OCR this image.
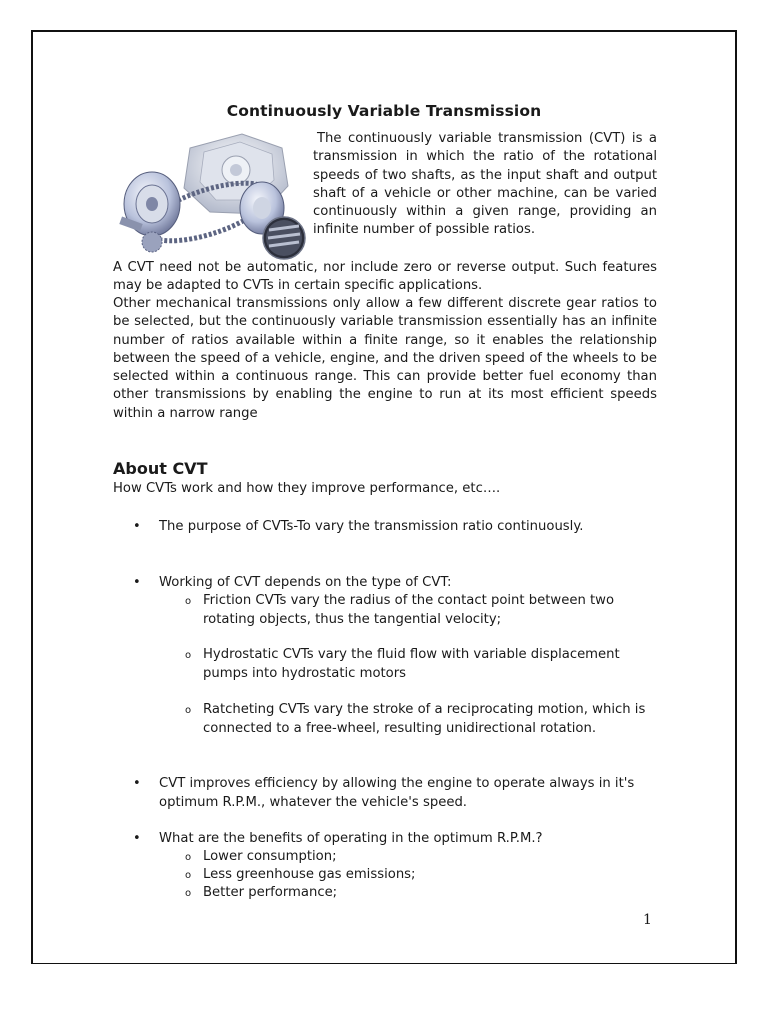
Continuously Variable Transmission

The continuously variable transmission (CVT) is a transmission in which the ratio of the rotational speeds of two shafts, as the input shaft and output shaft of a vehicle or other machine, can be varied continuously within a given range, providing an infinite number of possible ratios.

A CVT need not be automatic, nor include zero or reverse output. Such features may be adapted to CVTs in certain specific applications.

Other mechanical transmissions only allow a few different discrete gear ratios to be selected, but the continuously variable transmission essentially has an infinite number of ratios available within a finite range, so it enables the relationship between the speed of a vehicle, engine, and the driven speed of the wheels to be selected within a continuous range. This can provide better fuel economy than other transmissions by enabling the engine to run at its most efficient speeds within a narrow range

About CVT

How CVTs work and how they improve performance, etc….

• The purpose of CVTs-To vary the transmission ratio continuously.

• Working of CVT depends on the type of CVT:

o Friction CVTs vary the radius of the contact point between two rotating objects, thus the tangential velocity;

o Hydrostatic CVTs vary the fluid flow with variable displacement pumps into hydrostatic motors

o Ratcheting CVTs vary the stroke of a reciprocating motion, which is connected to a free-wheel, resulting unidirectional rotation.

• CVT improves efficiency by allowing the engine to operate always in it's optimum R.P.M., whatever the vehicle's speed.

• What are the benefits of operating in the optimum R.P.M.?

o Lower consumption;

o Less greenhouse gas emissions;

o Better performance;

1
